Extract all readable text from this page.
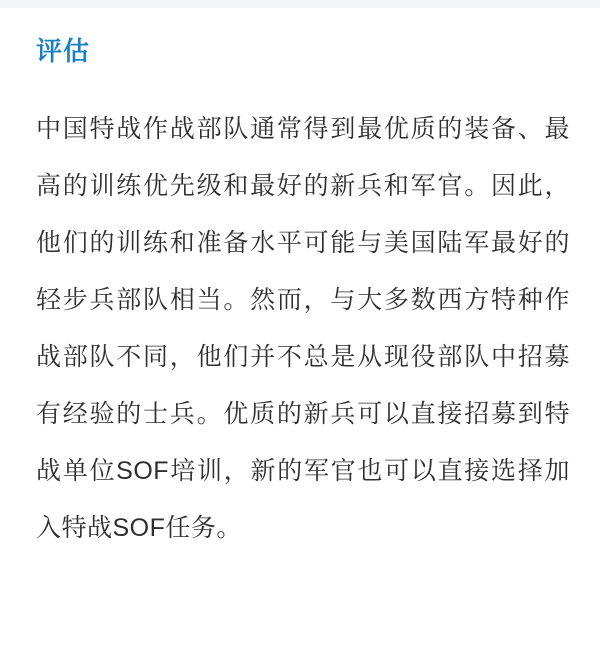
评估

中国特战作战部队通常得到最优质的装备、最高的训练优先级和最好的新兵和军官。因此，他们的训练和准备水平可能与美国陆军最好的轻步兵部队相当。然而，与大多数西方特种作战部队不同，他们并不总是从现役部队中招募有经验的士兵。优质的新兵可以直接招募到特战单位SOF培训，新的军官也可以直接选择加入特战SOF任务。
